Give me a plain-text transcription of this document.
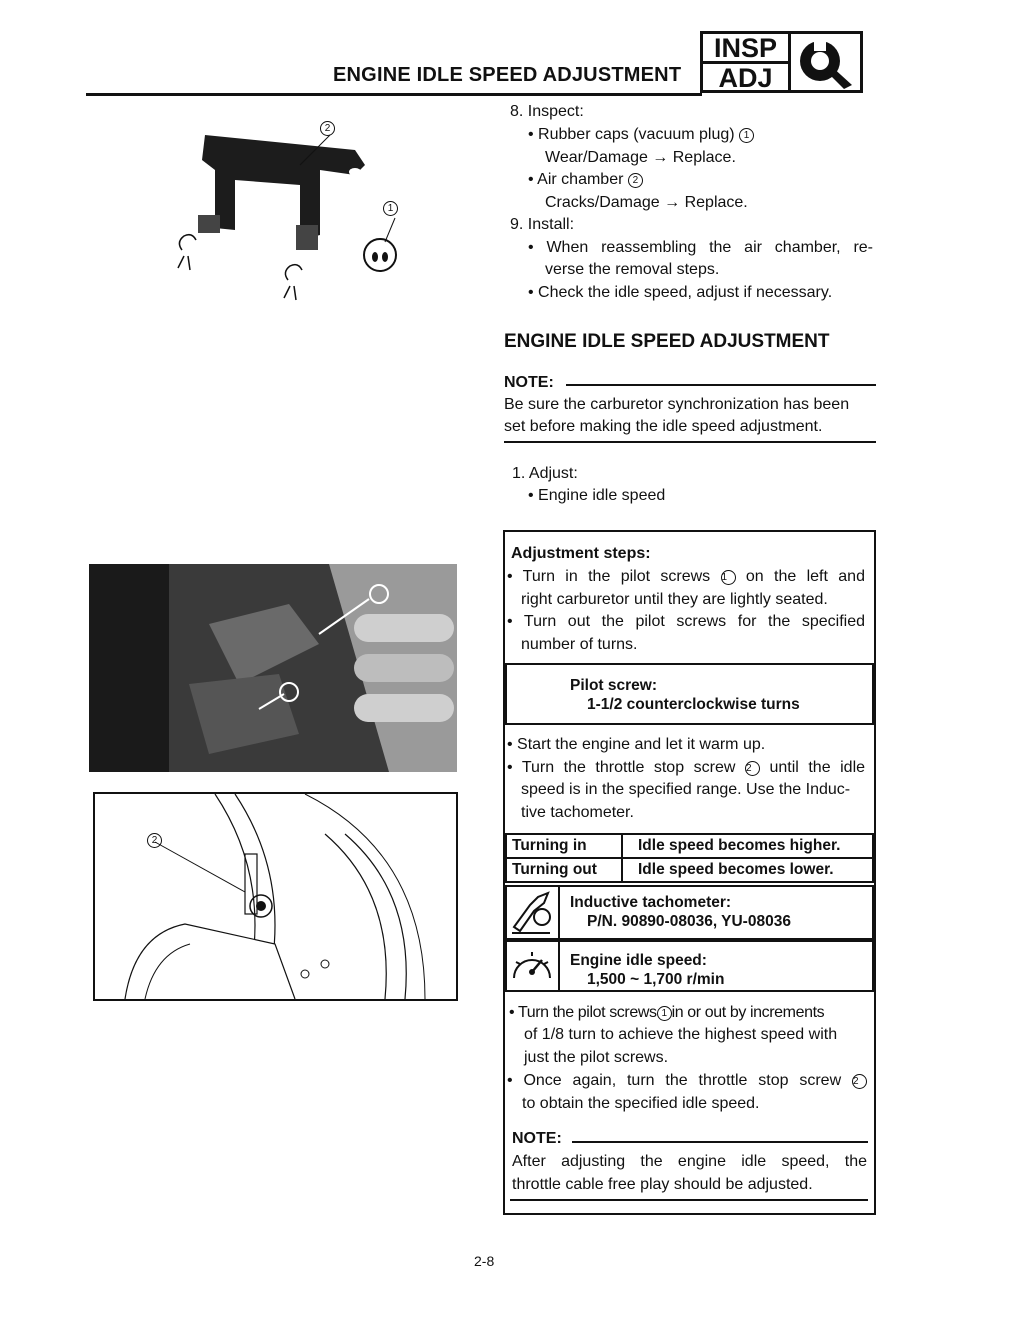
ENGINE IDLE SPEED ADJUSTMENT
INSP
ADJ
2
1
2
8. Inspect:
• Rubber caps (vacuum plug) 1
Wear/Damage → Replace.
• Air chamber 2
Cracks/Damage → Replace.
9. Install:
• When reassembling the air chamber, re-
verse the removal steps.
• Check the idle speed, adjust if necessary.
ENGINE IDLE SPEED ADJUSTMENT
NOTE:
Be sure the carburetor synchronization has been
set before making the idle speed adjustment.
1. Adjust:
• Engine idle speed
Adjustment steps:
• Turn in the pilot screws 1 on the left and
right carburetor until they are lightly seated.
• Turn out the pilot screws for the specified
number of turns.
Pilot screw:
1-1/2 counterclockwise turns
• Start the engine and let it warm up.
• Turn the throttle stop screw 2 until the idle
speed is in the specified range. Use the Induc-
tive tachometer.
Turning in	Idle speed becomes higher.
Turning out	Idle speed becomes lower.
Inductive tachometer:
P/N. 90890-08036, YU-08036
Engine idle speed:
1,500 ~ 1,700 r/min
• Turn the pilot screws 1 in or out by increments
of 1/8 turn to achieve the highest speed with
just the pilot screws.
• Once again, turn the throttle stop screw 2
to obtain the specified idle speed.
NOTE:
After adjusting the engine idle speed, the
throttle cable free play should be adjusted.
2-8
